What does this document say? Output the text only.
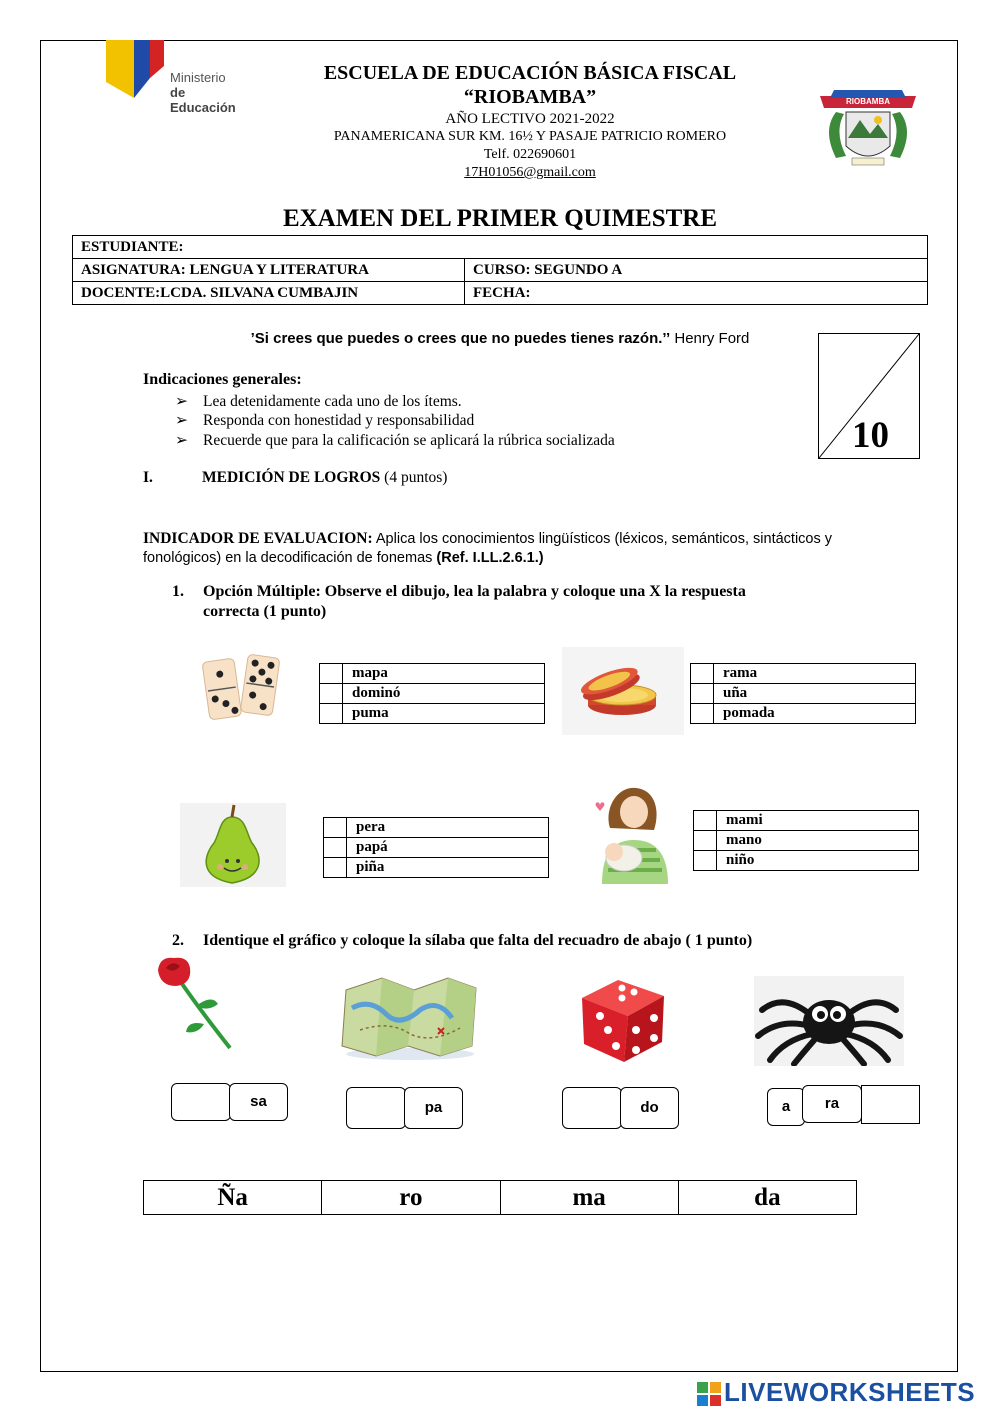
Ministerio
de Educación
ESCUELA DE EDUCACIÓN BÁSICA FISCAL
“RIOBAMBA”
AÑO LECTIVO 2021-2022
PANAMERICANA SUR KM. 16½ Y PASAJE PATRICIO ROMERO
Telf. 022690601
17H01056@gmail.com
ESCUELA
RIOBAMBA
EXAMEN DEL PRIMER QUIMESTRE
ESTUDIANTE:	
ASIGNATURA: LENGUA Y LITERATURA	CURSO: SEGUNDO A
DOCENTE:LCDA. SILVANA CUMBAJIN	FECHA:
’Si crees que puedes o crees que no puedes tienes razón.’’ Henry Ford
10
Indicaciones generales:
➢ Lea detenidamente cada uno de los ítems.
➢ Responda con honestidad y responsabilidad
➢ Recuerde que para la calificación se aplicará la rúbrica socializada
I.	MEDICIÓN DE LOGROS (4 puntos)
INDICADOR DE EVALUACION: Aplica los conocimientos lingüísticos (léxicos, semánticos, sintácticos y fonológicos) en la decodificación de fonemas (Ref. I.LL.2.6.1.)
1. Opción Múltiple: Observe el dibujo, lea la palabra y coloque una X la respuesta
correcta (1 punto)
	mapa
	dominó
	puma
	rama
	uña
	pomada
	pera
	papá
	piña
	mami
	mano
	niño
2. Identique el gráfico y coloque la sílaba que falta del recuadro de abajo ( 1 punto)
sa	pa	do	a	ra
Ña	ro	ma	da
LIVEWORKSHEETS
